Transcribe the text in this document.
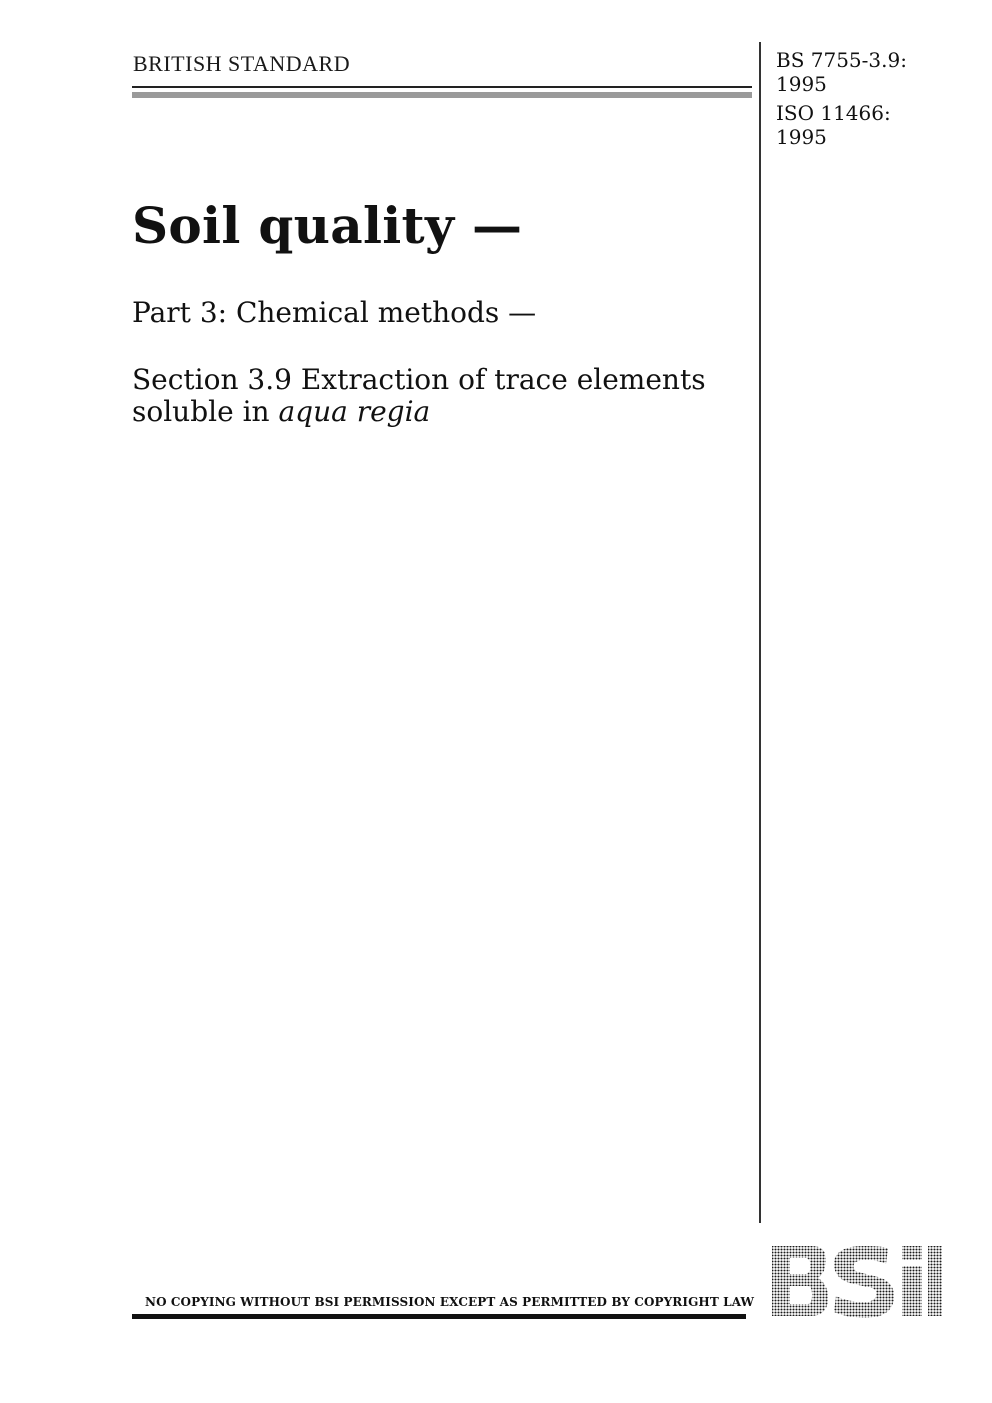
BRITISH STANDARD	BS 7755-3.9:
1995
ISO 11466:
1995
Soil quality —
Part 3: Chemical methods —
Section 3.9 Extraction of trace elements
soluble in aqua regia
NO COPYING WITHOUT BSI PERMISSION EXCEPT AS PERMITTED BY COPYRIGHT LAW
